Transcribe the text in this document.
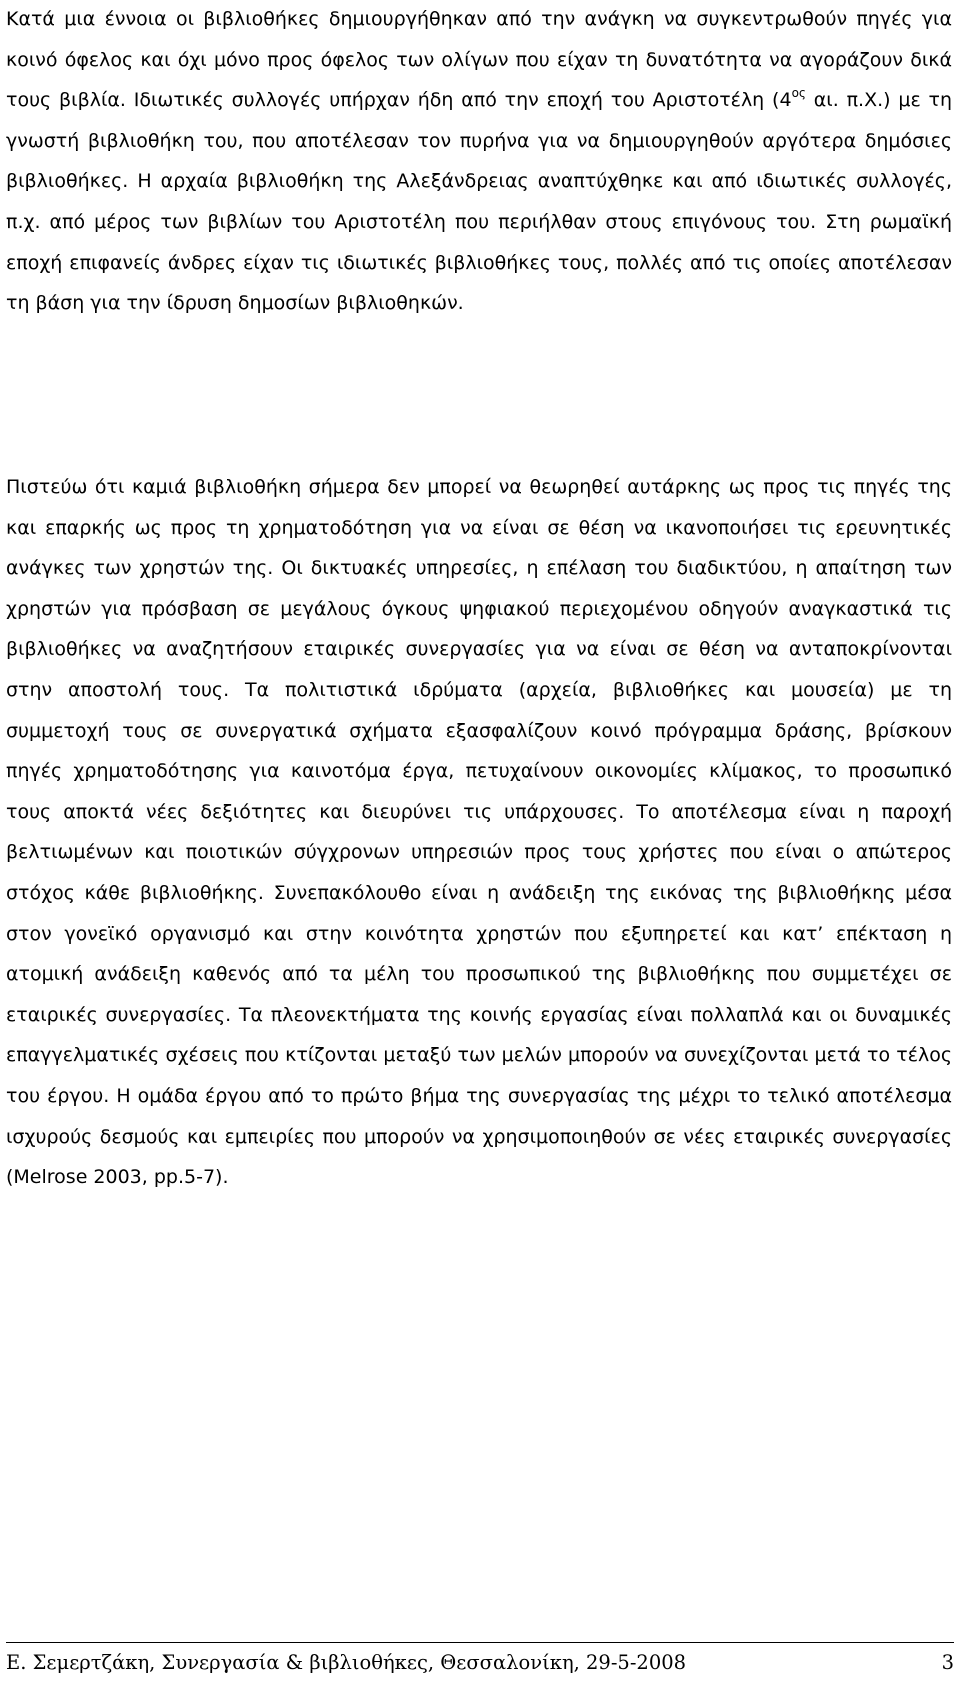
Κατά μια έννοια οι βιβλιοθήκες δημιουργήθηκαν από την ανάγκη να συγκεντρωθούν πηγές για κοινό όφελος και όχι μόνο προς όφελος των ολίγων που είχαν τη δυνατότητα να αγοράζουν δικά τους βιβλία. Ιδιωτικές συλλογές υπήρχαν ήδη από την εποχή του Αριστοτέλη ($4^{o\varsigma}$ αι. π.Χ.) με τη γνωστή βιβλιοθήκη του, που αποτέλεσαν τον πυρήνα για να δημιουργηθούν αργότερα δημόσιες βιβλιοθήκες. Η αρχαία βιβλιοθήκη της Αλεξάνδρειας αναπτύχθηκε και από ιδιωτικές συλλογές, π.χ. από μέρος των βιβλίων του Αριστοτέλη που περιήλθαν στους επιγόνους του. Στη ρωμαϊκή εποχή επιφανείς άνδρες είχαν τις ιδιωτικές βιβλιοθήκες τους, πολλές από τις οποίες αποτέλεσαν τη βάση για την ίδρυση δημοσίων βιβλιοθηκών.

Πιστεύω ότι καμιά βιβλιοθήκη σήμερα δεν μπορεί να θεωρηθεί αυτάρκης ως προς τις πηγές της και επαρκής ως προς τη χρηματοδότηση για να είναι σε θέση να ικανοποιήσει τις ερευνητικές ανάγκες των χρηστών της. Οι δικτυακές υπηρεσίες, η επέλαση του διαδικτύου, η απαίτηση των χρηστών για πρόσβαση σε μεγάλους όγκους ψηφιακού περιεχομένου οδηγούν αναγκαστικά τις βιβλιοθήκες να αναζητήσουν εταιρικές συνεργασίες για να είναι σε θέση να ανταποκρίνονται στην αποστολή τους. Τα πολιτιστικά ιδρύματα (αρχεία, βιβλιοθήκες και μουσεία) με τη συμμετοχή τους σε συνεργατικά σχήματα εξασφαλίζουν κοινό πρόγραμμα δράσης, βρίσκουν πηγές χρηματοδότησης για καινοτόμα έργα, πετυχαίνουν οικονομίες κλίμακος, το προσωπικό τους αποκτά νέες δεξιότητες και διευρύνει τις υπάρχουσες. Το αποτέλεσμα είναι η παροχή βελτιωμένων και ποιοτικών σύγχρονων υπηρεσιών προς τους χρήστες που είναι ο απώτερος στόχος κάθε βιβλιοθήκης. Συνεπακόλουθο είναι η ανάδειξη της εικόνας της βιβλιοθήκης μέσα στον γονεϊκό οργανισμό και στην κοινότητα χρηστών που εξυπηρετεί και κατ’ επέκταση η ατομική ανάδειξη καθενός από τα μέλη του προσωπικού της βιβλιοθήκης που συμμετέχει σε εταιρικές συνεργασίες. Τα πλεονεκτήματα της κοινής εργασίας είναι πολλαπλά και οι δυναμικές επαγγελματικές σχέσεις που κτίζονται μεταξύ των μελών μπορούν να συνεχίζονται μετά το τέλος του έργου. Η ομάδα έργου από το πρώτο βήμα της συνεργασίας της μέχρι το τελικό αποτέλεσμα ισχυρούς δεσμούς και εμπειρίες που μπορούν να χρησιμοποιηθούν σε νέες εταιρικές συνεργασίες (Melrose 2003, pp.5-7).

Ε. Σεμερτζάκη, Συνεργασία & βιβλιοθήκες, Θεσσαλονίκη, 29-5-2008	3
